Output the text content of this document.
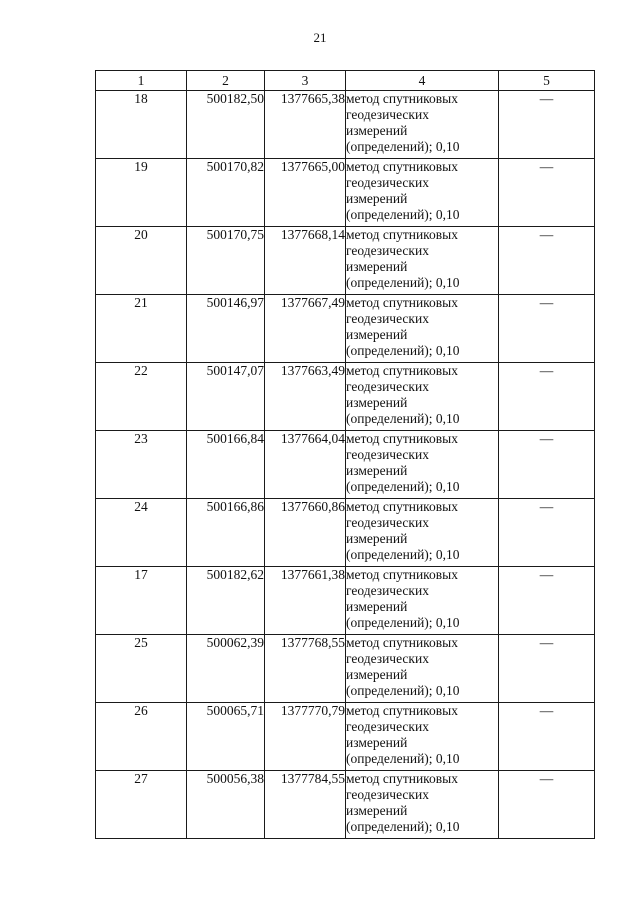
21
1	2	3	4	5
18	500182,50	1377665,38	метод спутниковых
геодезических
измерений
(определений); 0,10	—
19	500170,82	1377665,00	метод спутниковых
геодезических
измерений
(определений); 0,10	—
20	500170,75	1377668,14	метод спутниковых
геодезических
измерений
(определений); 0,10	—
21	500146,97	1377667,49	метод спутниковых
геодезических
измерений
(определений); 0,10	—
22	500147,07	1377663,49	метод спутниковых
геодезических
измерений
(определений); 0,10	—
23	500166,84	1377664,04	метод спутниковых
геодезических
измерений
(определений); 0,10	—
24	500166,86	1377660,86	метод спутниковых
геодезических
измерений
(определений); 0,10	—
17	500182,62	1377661,38	метод спутниковых
геодезических
измерений
(определений); 0,10	—
25	500062,39	1377768,55	метод спутниковых
геодезических
измерений
(определений); 0,10	—
26	500065,71	1377770,79	метод спутниковых
геодезических
измерений
(определений); 0,10	—
27	500056,38	1377784,55	метод спутниковых
геодезических
измерений
(определений); 0,10	—
